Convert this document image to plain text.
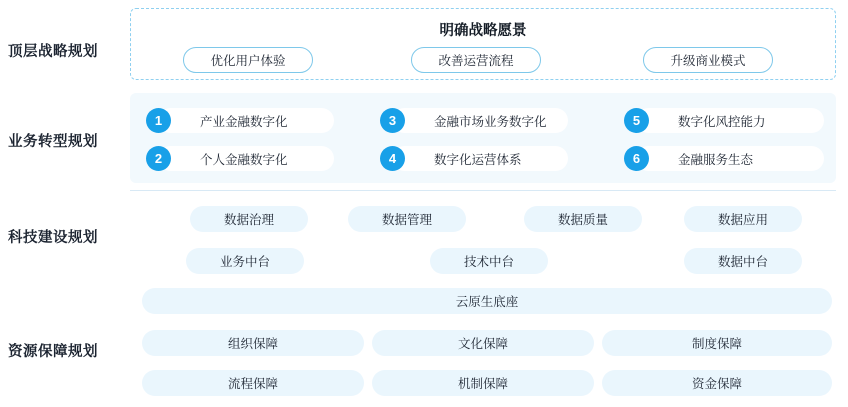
顶层战略规划
业务转型规划
科技建设规划
资源保障规划
明确战略愿景
优化用户体验	改善运营流程	升级商业模式
1	产业金融数字化	3	金融市场业务数字化	5	数字化风控能力
2	个人金融数字化	4	数字化运营体系	6	金融服务生态
数据治理	数据管理	数据质量	数据应用
业务中台	技术中台	数据中台
云原生底座
组织保障	文化保障	制度保障
流程保障	机制保障	资金保障
